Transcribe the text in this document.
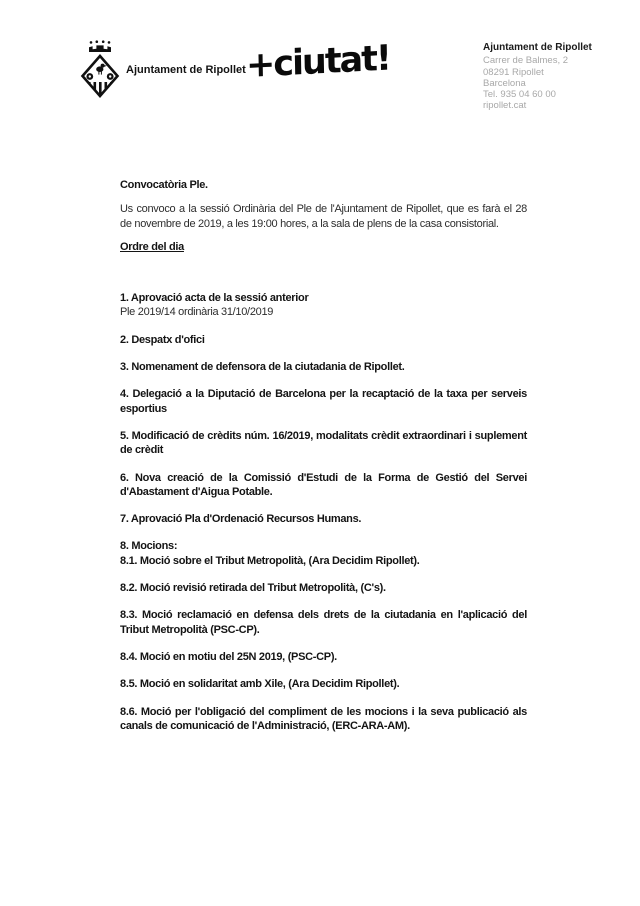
Ajuntament de Ripollet +ciutat!	Ajuntament de Ripollet
Carrer de Balmes, 2
08291 Ripollet
Barcelona
Tel. 935 04 60 00
ripollet.cat

Convocatòria Ple.

Us convoco a la sessió Ordinària del Ple de l'Ajuntament de Ripollet, que es farà el 28 de novembre de 2019, a les 19:00 hores, a la sala de plens de la casa consistorial.

Ordre del dia

1. Aprovació acta de la sessió anterior
Ple 2019/14 ordinària 31/10/2019

2. Despatx d'ofici

3. Nomenament de defensora de la ciutadania de Ripollet.

4. Delegació a la Diputació de Barcelona per la recaptació de la taxa per serveis esportius

5. Modificació de crèdits núm. 16/2019, modalitats crèdit extraordinari i suplement de crèdit

6. Nova creació de la Comissió d'Estudi de la Forma de Gestió del Servei d'Abastament d'Aigua Potable.

7. Aprovació Pla d'Ordenació Recursos Humans.

8. Mocions:
8.1. Moció sobre el Tribut Metropolità, (Ara Decidim Ripollet).

8.2. Moció revisió retirada del Tribut Metropolità, (C's).

8.3. Moció reclamació en defensa dels drets de la ciutadania en l'aplicació del Tribut Metropolità (PSC-CP).

8.4. Moció en motiu del 25N 2019, (PSC-CP).

8.5. Moció en solidaritat amb Xile, (Ara Decidim Ripollet).

8.6. Moció per l'obligació del compliment de les mocions i la seva publicació als canals de comunicació de l'Administració, (ERC-ARA-AM).
